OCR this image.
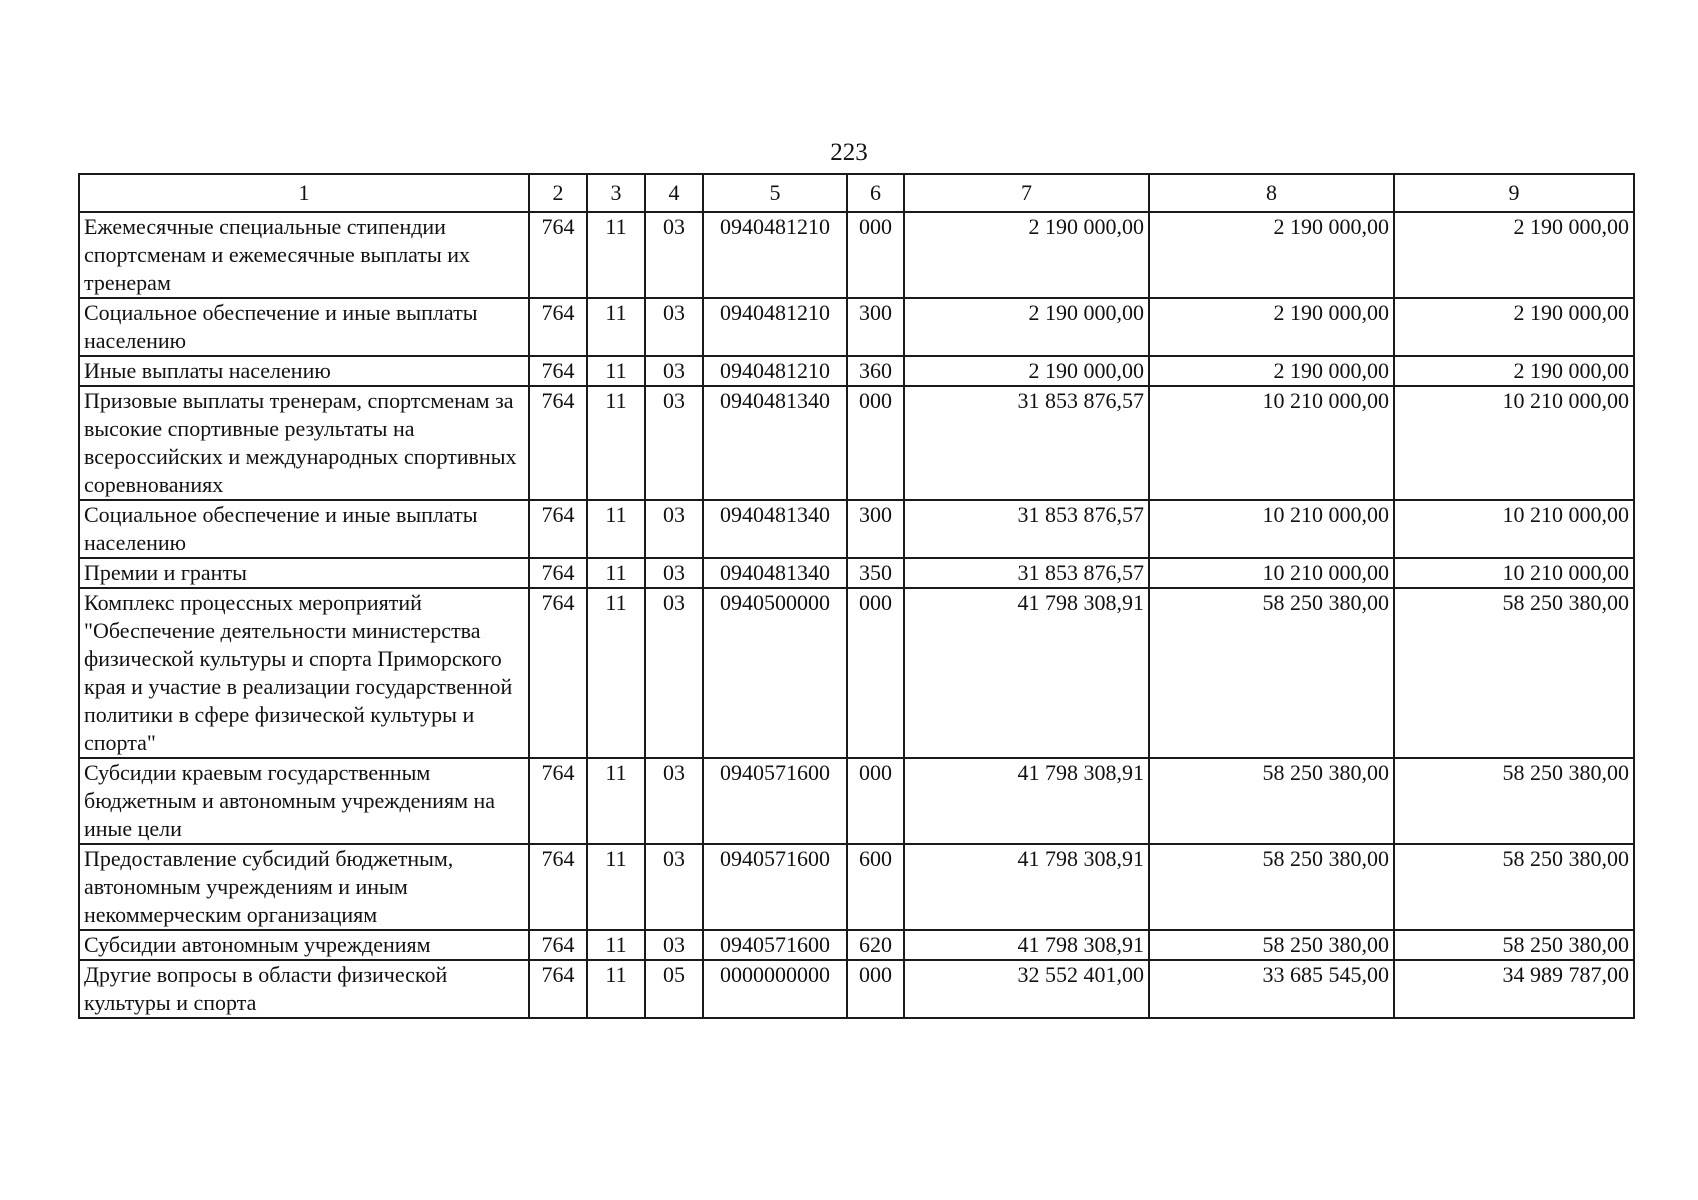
223
1	2	3	4	5	6	7	8	9
Ежемесячные специальные стипендии спортсменам и ежемесячные выплаты их тренерам	764	11	03	0940481210	000	2 190 000,00	2 190 000,00	2 190 000,00
Социальное обеспечение и иные выплаты населению	764	11	03	0940481210	300	2 190 000,00	2 190 000,00	2 190 000,00
Иные выплаты населению	764	11	03	0940481210	360	2 190 000,00	2 190 000,00	2 190 000,00
Призовые выплаты тренерам, спортсменам за высокие спортивные результаты на всероссийских и международных спортивных соревнованиях	764	11	03	0940481340	000	31 853 876,57	10 210 000,00	10 210 000,00
Социальное обеспечение и иные выплаты населению	764	11	03	0940481340	300	31 853 876,57	10 210 000,00	10 210 000,00
Премии и гранты	764	11	03	0940481340	350	31 853 876,57	10 210 000,00	10 210 000,00
Комплекс процессных мероприятий "Обеспечение деятельности министерства физической культуры и спорта Приморского края и участие в реализации государственной политики в сфере физической культуры и спорта"	764	11	03	0940500000	000	41 798 308,91	58 250 380,00	58 250 380,00
Субсидии краевым государственным бюджетным и автономным учреждениям на иные цели	764	11	03	0940571600	000	41 798 308,91	58 250 380,00	58 250 380,00
Предоставление субсидий бюджетным, автономным учреждениям и иным некоммерческим организациям	764	11	03	0940571600	600	41 798 308,91	58 250 380,00	58 250 380,00
Субсидии автономным учреждениям	764	11	03	0940571600	620	41 798 308,91	58 250 380,00	58 250 380,00
Другие вопросы в области физической культуры и спорта	764	11	05	0000000000	000	32 552 401,00	33 685 545,00	34 989 787,00
